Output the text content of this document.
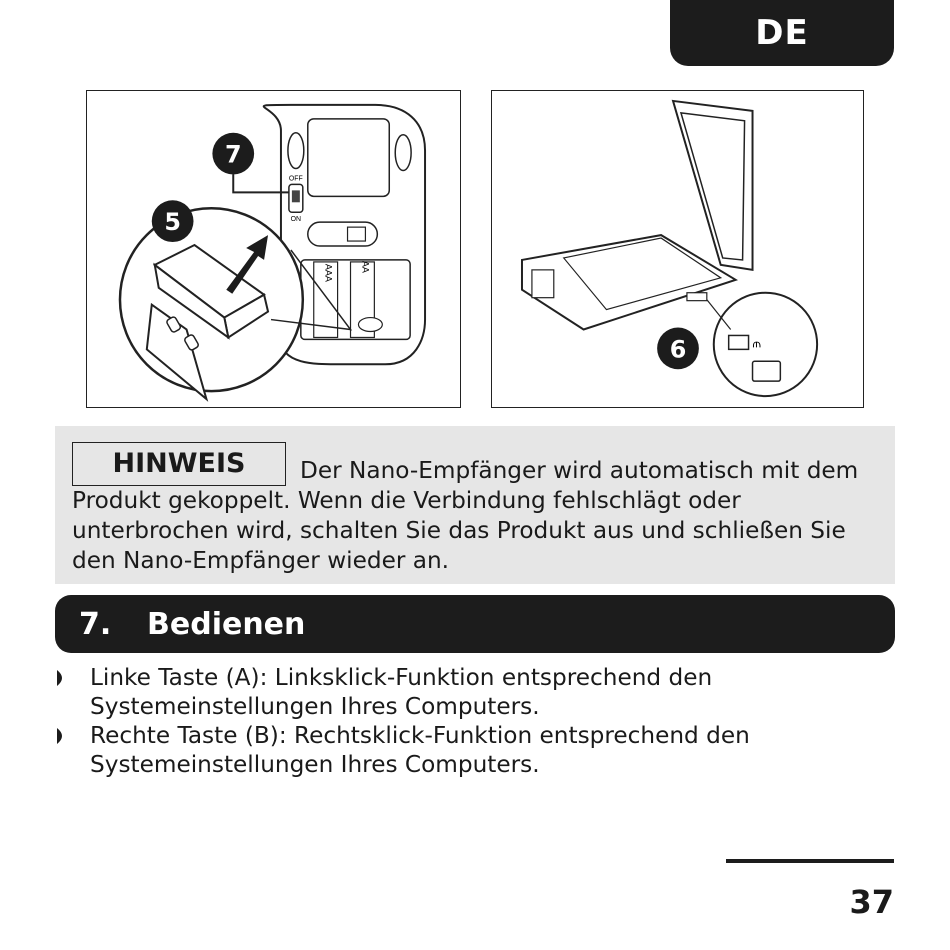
DE
OFF
ON
AAA	AA
7
5
⫙
6
HINWEIS	Der Nano-Empfänger wird automatisch mit dem Produkt gekoppelt. Wenn die Verbindung fehlschlägt oder unterbrochen wird, schalten Sie das Produkt aus und schließen Sie den Nano-Empfänger wieder an.
7.	Bedienen
Linke Taste (A): Linksklick-Funktion entsprechend den Systemeinstellungen Ihres Computers.
Rechte Taste (B): Rechtsklick-Funktion entsprechend den Systemeinstellungen Ihres Computers.
37
